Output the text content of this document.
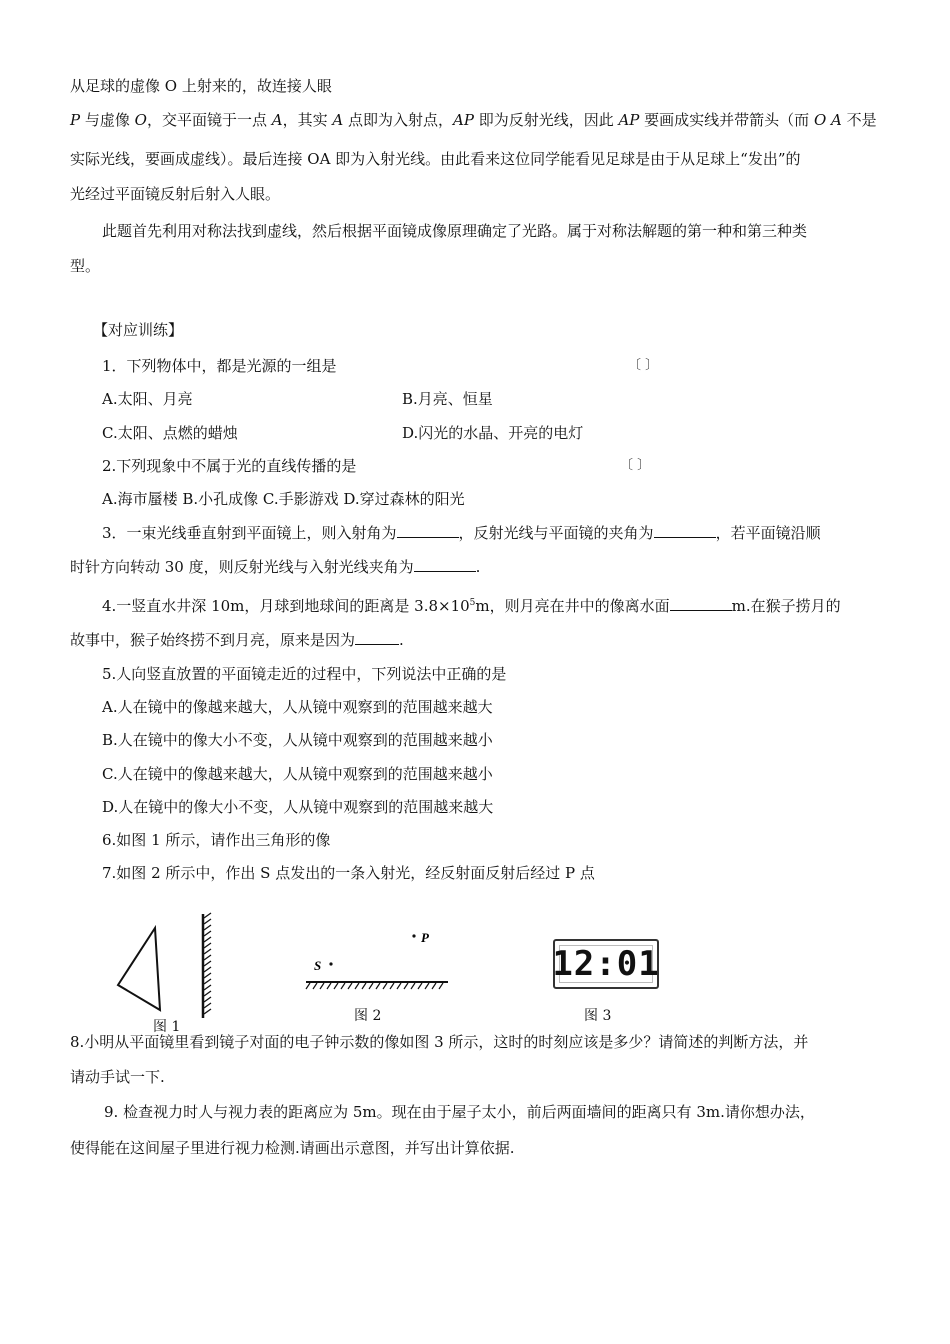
从足球的虚像 O 上射来的，故连接人眼
P 与虚像 O，交平面镜于一点 A，其实 A 点即为入射点，AP 即为反射光线，因此 AP 要画成实线并带箭头（而 O A 不是
实际光线，要画成虚线）。最后连接 OA 即为入射光线。由此看来这位同学能看见足球是由于从足球上“发出”的
光经过平面镜反射后射入人眼。
此题首先利用对称法找到虚线，然后根据平面镜成像原理确定了光路。属于对称法解题的第一种和第三种类
型。
【对应训练】
1．下列物体中，都是光源的一组是	〔 〕
A.太阳、月亮	B.月亮、恒星
C.太阳、点燃的蜡烛	D.闪光的水晶、开亮的电灯
2.下列现象中不属于光的直线传播的是	〔 〕
A.海市蜃楼 B.小孔成像 C.手影游戏 D.穿过森林的阳光
3．一束光线垂直射到平面镜上，则入射角为	，反射光线与平面镜的夹角为	，若平面镜沿顺
时针方向转动 30 度，则反射光线与入射光线夹角为	.
4.一竖直水井深 10m，月球到地球间的距离是 $3.8\times 10^5m$，则月亮在井中的像离水面	m.在猴子捞月的
故事中，猴子始终捞不到月亮，原来是因为	.
5.人向竖直放置的平面镜走近的过程中，下列说法中正确的是
A.人在镜中的像越来越大，人从镜中观察到的范围越来越大
B.人在镜中的像大小不变，人从镜中观察到的范围越来越小
C.人在镜中的像越来越大，人从镜中观察到的范围越来越小
D.人在镜中的像大小不变，人从镜中观察到的范围越来越大
6.如图 1 所示，请作出三角形的像
7.如图 2 所示中，作出 S 点发出的一条入射光，经反射面反射后经过 P 点
图 1
S
P
图 2
12:01
图 3
8.小明从平面镜里看到镜子对面的电子钟示数的像如图 3 所示，这时的时刻应该是多少？请简述的判断方法，并
请动手试一下.
9. 检查视力时人与视力表的距离应为 5m。现在由于屋子太小，前后两面墙间的距离只有 3m.请你想办法，
使得能在这间屋子里进行视力检测.请画出示意图，并写出计算依据.
